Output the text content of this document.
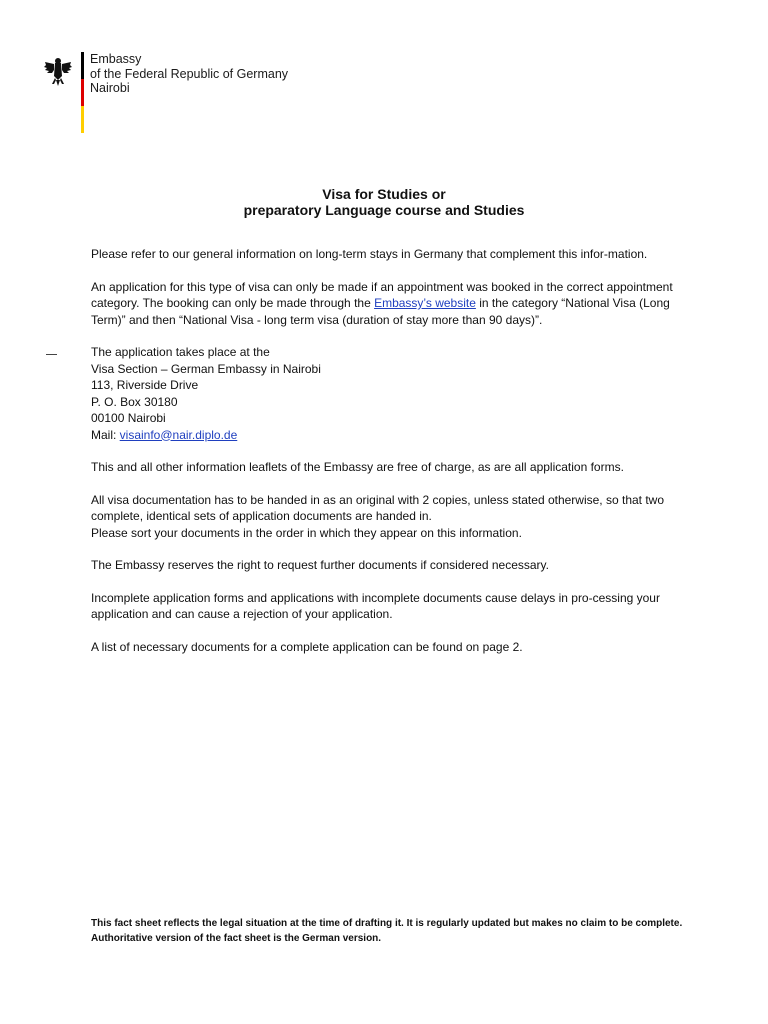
Embassy
of the Federal Republic of Germany
Nairobi
Visa for Studies or
preparatory Language course and Studies

Please refer to our general information on long-term stays in Germany that complement this infor-mation.

An application for this type of visa can only be made if an appointment was booked in the correct appointment category. The booking can only be made through the Embassy’s website in the category “National Visa (Long Term)” and then “National Visa - long term visa (duration of stay more than 90 days)”.

The application takes place at the
Visa Section – German Embassy in Nairobi
113, Riverside Drive
P. O. Box 30180
00100 Nairobi
Mail: visainfo@nair.diplo.de

This and all other information leaflets of the Embassy are free of charge, as are all application forms.

All visa documentation has to be handed in as an original with 2 copies, unless stated otherwise, so that two complete, identical sets of application documents are handed in.
Please sort your documents in the order in which they appear on this information.

The Embassy reserves the right to request further documents if considered necessary.

Incomplete application forms and applications with incomplete documents cause delays in pro-cessing your application and can cause a rejection of your application.

A list of necessary documents for a complete application can be found on page 2.

This fact sheet reflects the legal situation at the time of drafting it. It is regularly updated but makes no claim to be complete. Authoritative version of the fact sheet is the German version.
